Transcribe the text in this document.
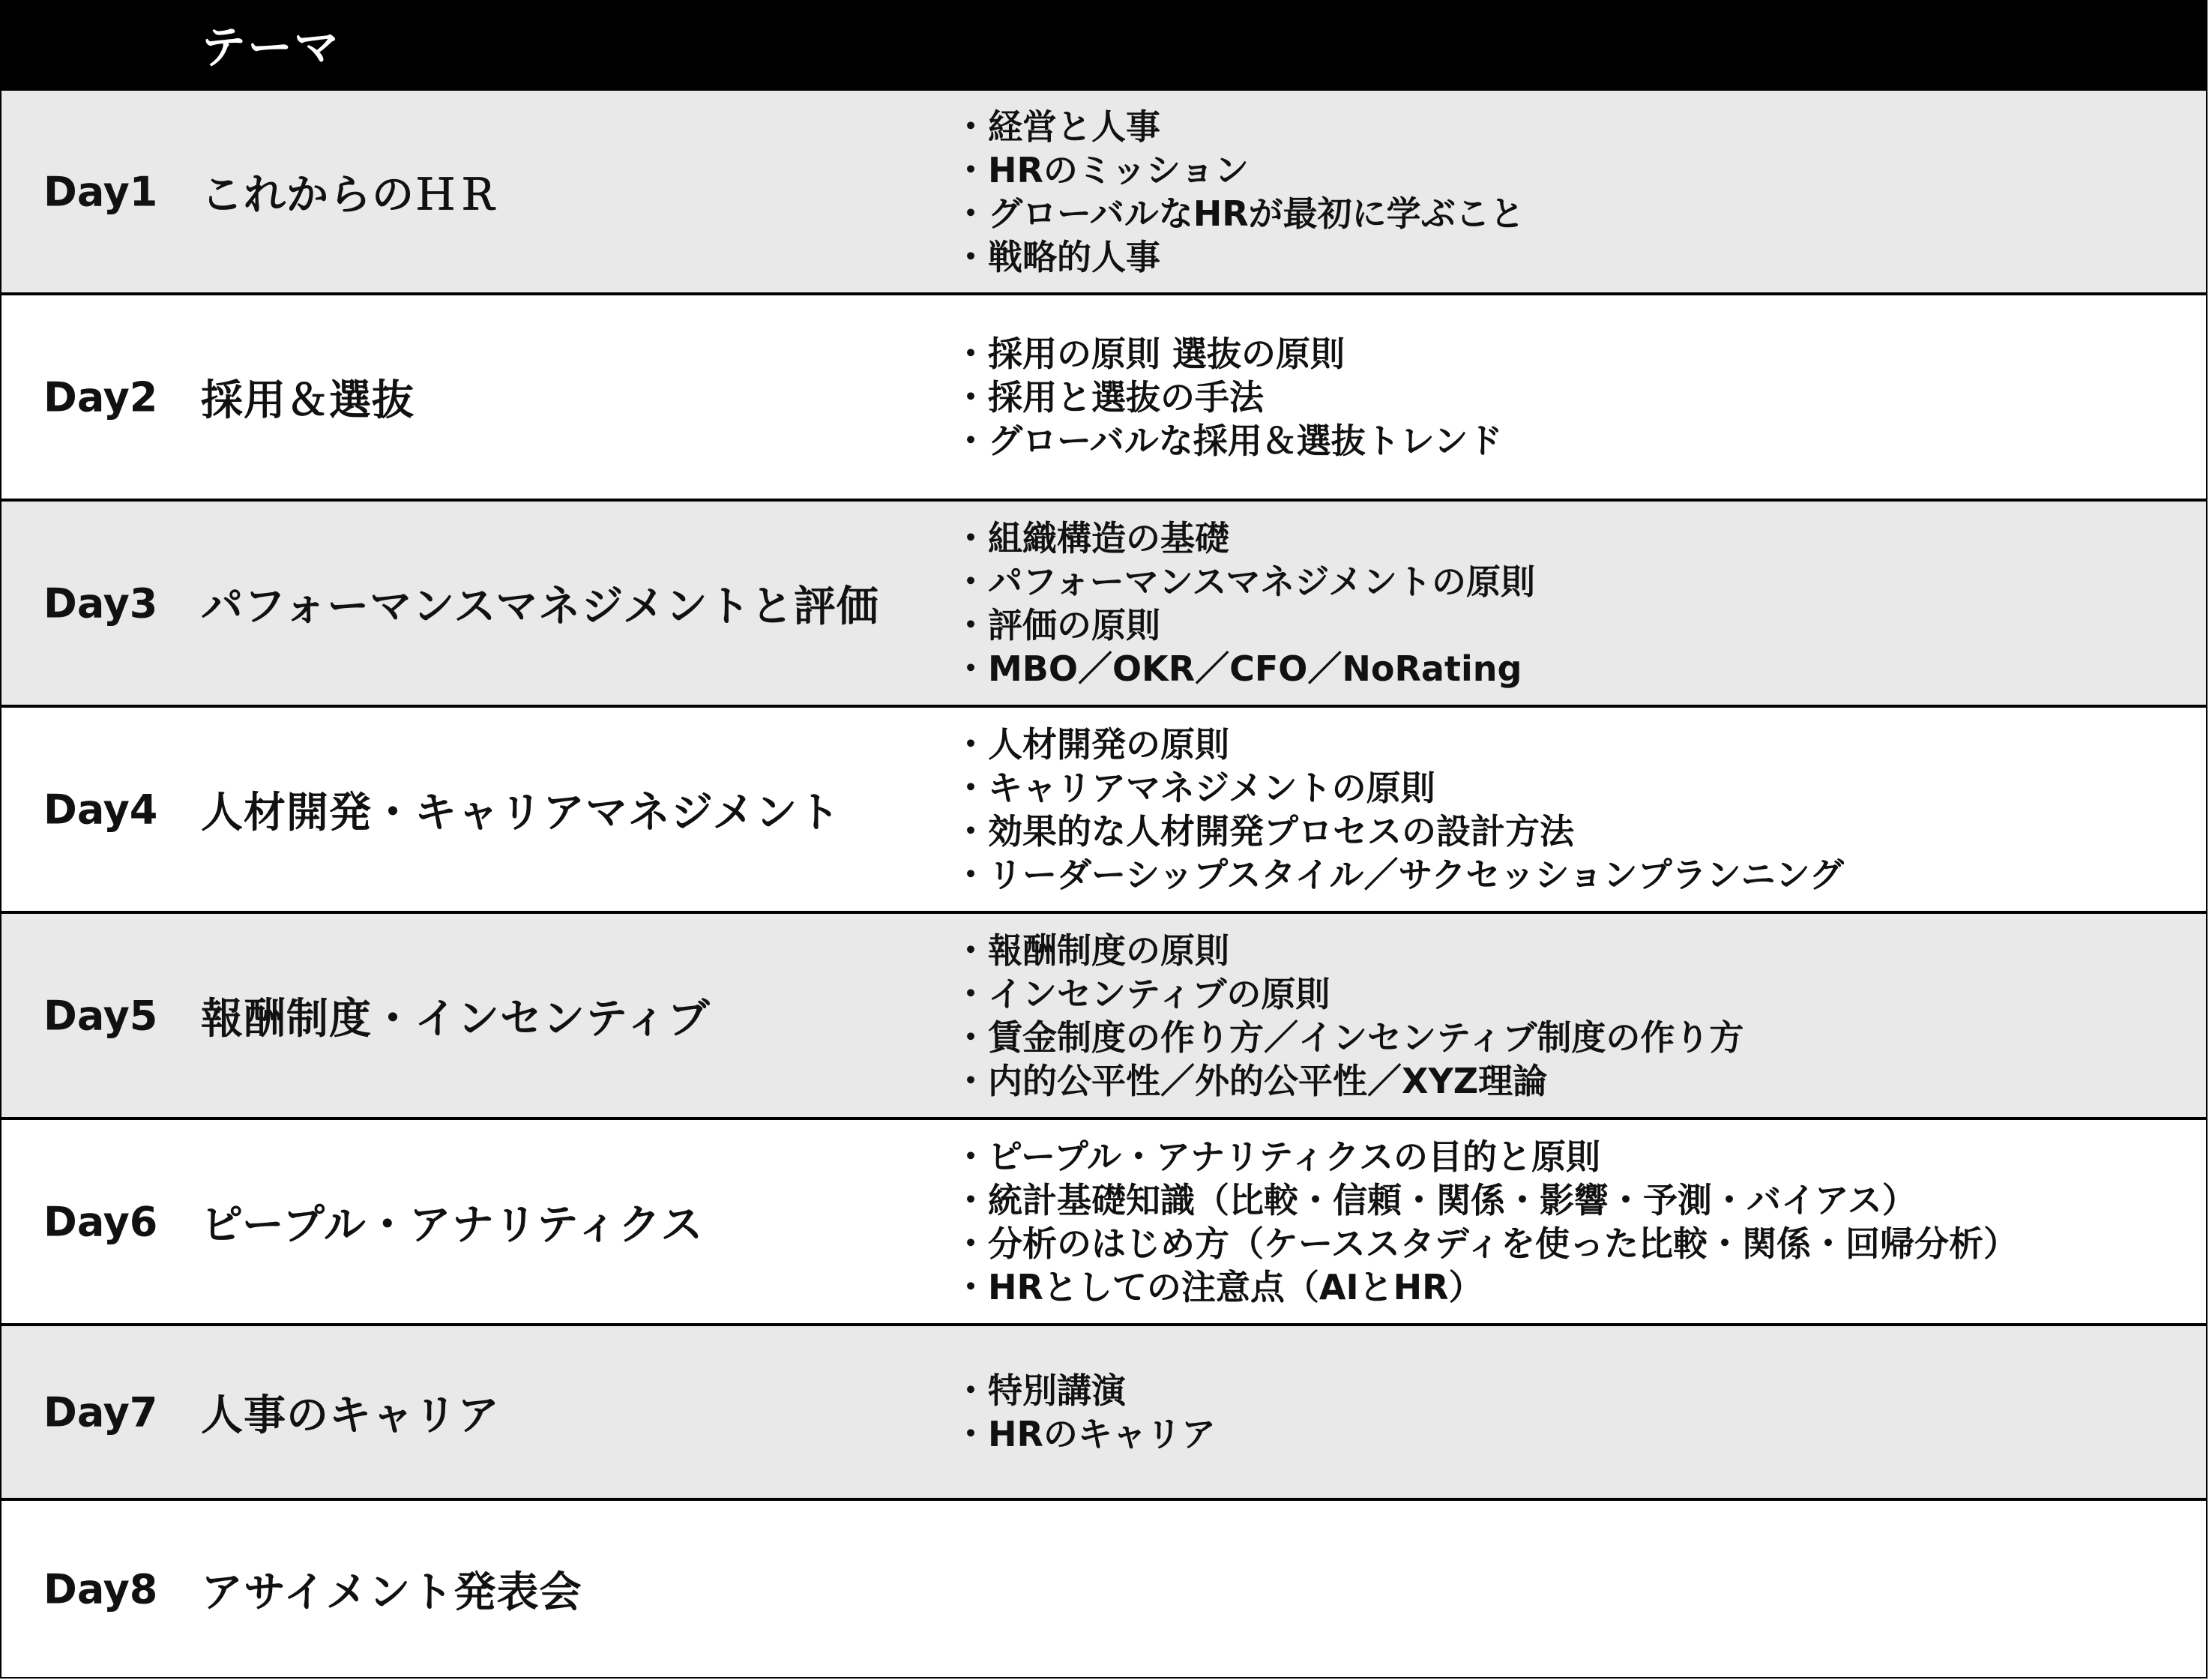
テーマ
Day1 これからのＨＲ
・経営と人事
・HRのミッション
・グローバルなHRが最初に学ぶこと
・戦略的人事
Day2 採用＆選抜
・採用の原則 選抜の原則
・採用と選抜の手法
・グローバルな採用＆選抜トレンド
Day3 パフォーマンスマネジメントと評価
・組織構造の基礎
・パフォーマンスマネジメントの原則
・評価の原則
・MBO／OKR／CFO／NoRating
Day4 人材開発・キャリアマネジメント
・人材開発の原則
・キャリアマネジメントの原則
・効果的な人材開発プロセスの設計方法
・リーダーシップスタイル／サクセッションプランニング
Day5 報酬制度・インセンティブ
・報酬制度の原則
・インセンティブの原則
・賃金制度の作り方／インセンティブ制度の作り方
・内的公平性／外的公平性／XYZ理論
Day6 ピープル・アナリティクス
・ピープル・アナリティクスの目的と原則
・統計基礎知識（比較・信頼・関係・影響・予測・バイアス）
・分析のはじめ方（ケーススタディを使った比較・関係・回帰分析）
・HRとしての注意点（AIとHR）
Day7 人事のキャリア
・特別講演
・HRのキャリア
Day8 アサイメント発表会
